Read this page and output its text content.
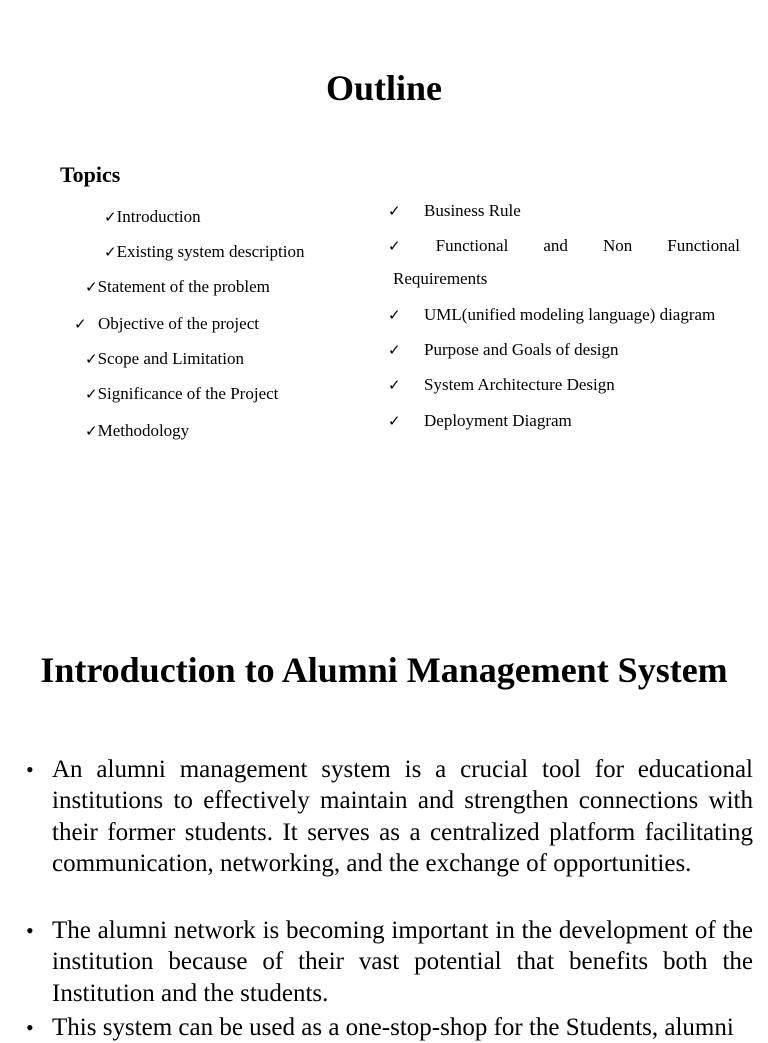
Outline
Topics
✓Introduction
✓Existing system description
✓Statement of the problem
✓ Objective of the project
✓Scope and Limitation
✓Significance of the Project
✓Methodology
✓ Business Rule
✓ Functional and Non Functional
Requirements
✓ UML(unified modeling language) diagram
✓ Purpose and Goals of design
✓ System Architecture Design
✓ Deployment Diagram
Introduction to Alumni Management System
• An alumni management system is a crucial tool for educational institutions to effectively maintain and strengthen connections with their former students. It serves as a centralized platform facilitating communication, networking, and the exchange of opportunities.
• The alumni network is becoming important in the development of the institution because of their vast potential that benefits both the Institution and the students.
• This system can be used as a one-stop-shop for the Students, alumni
